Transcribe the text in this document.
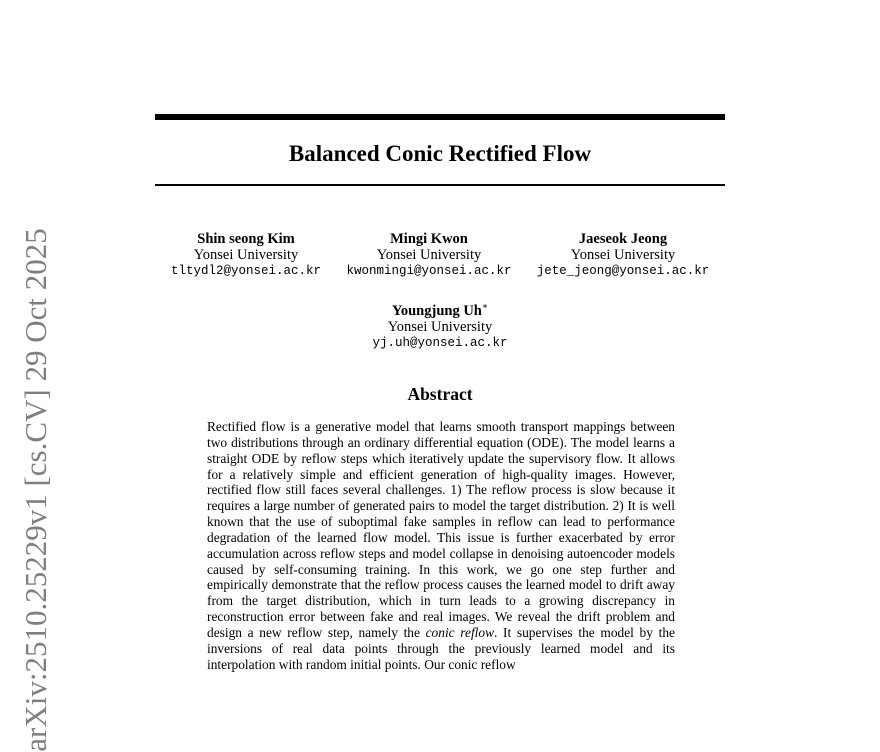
Balanced Conic Rectified Flow
Shin seong Kim
Yonsei University
tltydl2@yonsei.ac.kr
Mingi Kwon
Yonsei University
kwonmingi@yonsei.ac.kr
Jaeseok Jeong
Yonsei University
jete_jeong@yonsei.ac.kr
Youngjung Uh∗
Yonsei University
yj.uh@yonsei.ac.kr
Abstract

Rectified flow is a generative model that learns smooth transport mappings between two distributions through an ordinary differential equation (ODE). The model learns a straight ODE by reflow steps which iteratively update the supervisory flow. It allows for a relatively simple and efficient generation of high-quality images. However, rectified flow still faces several challenges. 1) The reflow process is slow because it requires a large number of generated pairs to model the target distribution. 2) It is well known that the use of suboptimal fake samples in reflow can lead to performance degradation of the learned flow model. This issue is further exacerbated by error accumulation across reflow steps and model collapse in denoising autoencoder models caused by self-consuming training. In this work, we go one step further and empirically demonstrate that the reflow process causes the learned model to drift away from the target distribution, which in turn leads to a growing discrepancy in reconstruction error between fake and real images. We reveal the drift problem and design a new reflow step, namely the conic reflow. It supervises the model by the inversions of real data points through the previously learned model and its interpolation with random initial points. Our conic reflow

arXiv:2510.25229v1 [cs.CV] 29 Oct 2025
